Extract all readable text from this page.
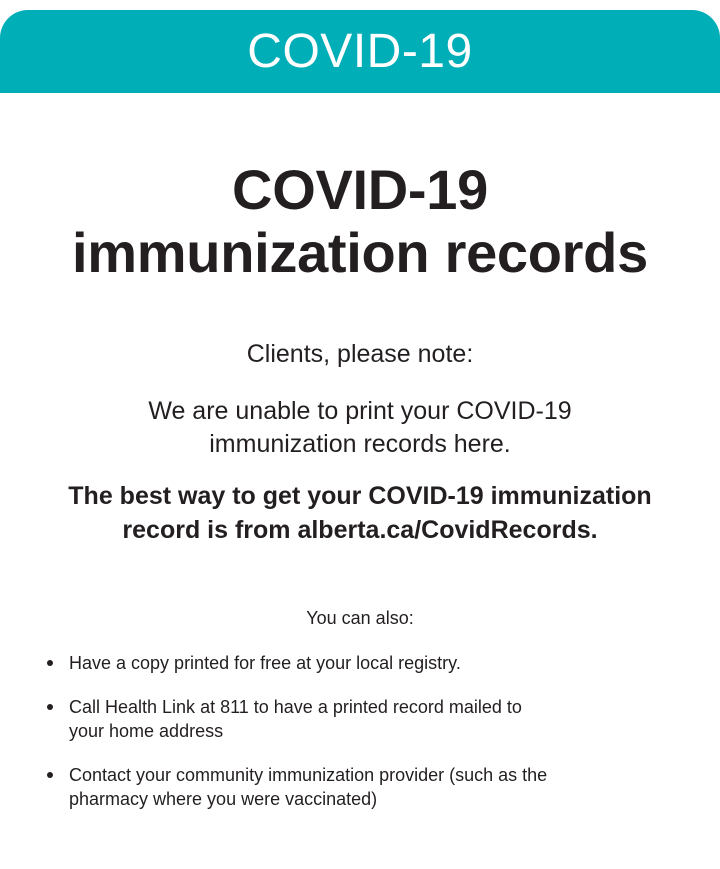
COVID-19
COVID-19
immunization records
Clients, please note:
We are unable to print your COVID-19
immunization records here.
The best way to get your COVID-19 immunization
record is from alberta.ca/CovidRecords.
You can also:
Have a copy printed for free at your local registry.
Call Health Link at 811 to have a printed record mailed to
your home address
Contact your community immunization provider (such as the
pharmacy where you were vaccinated)
